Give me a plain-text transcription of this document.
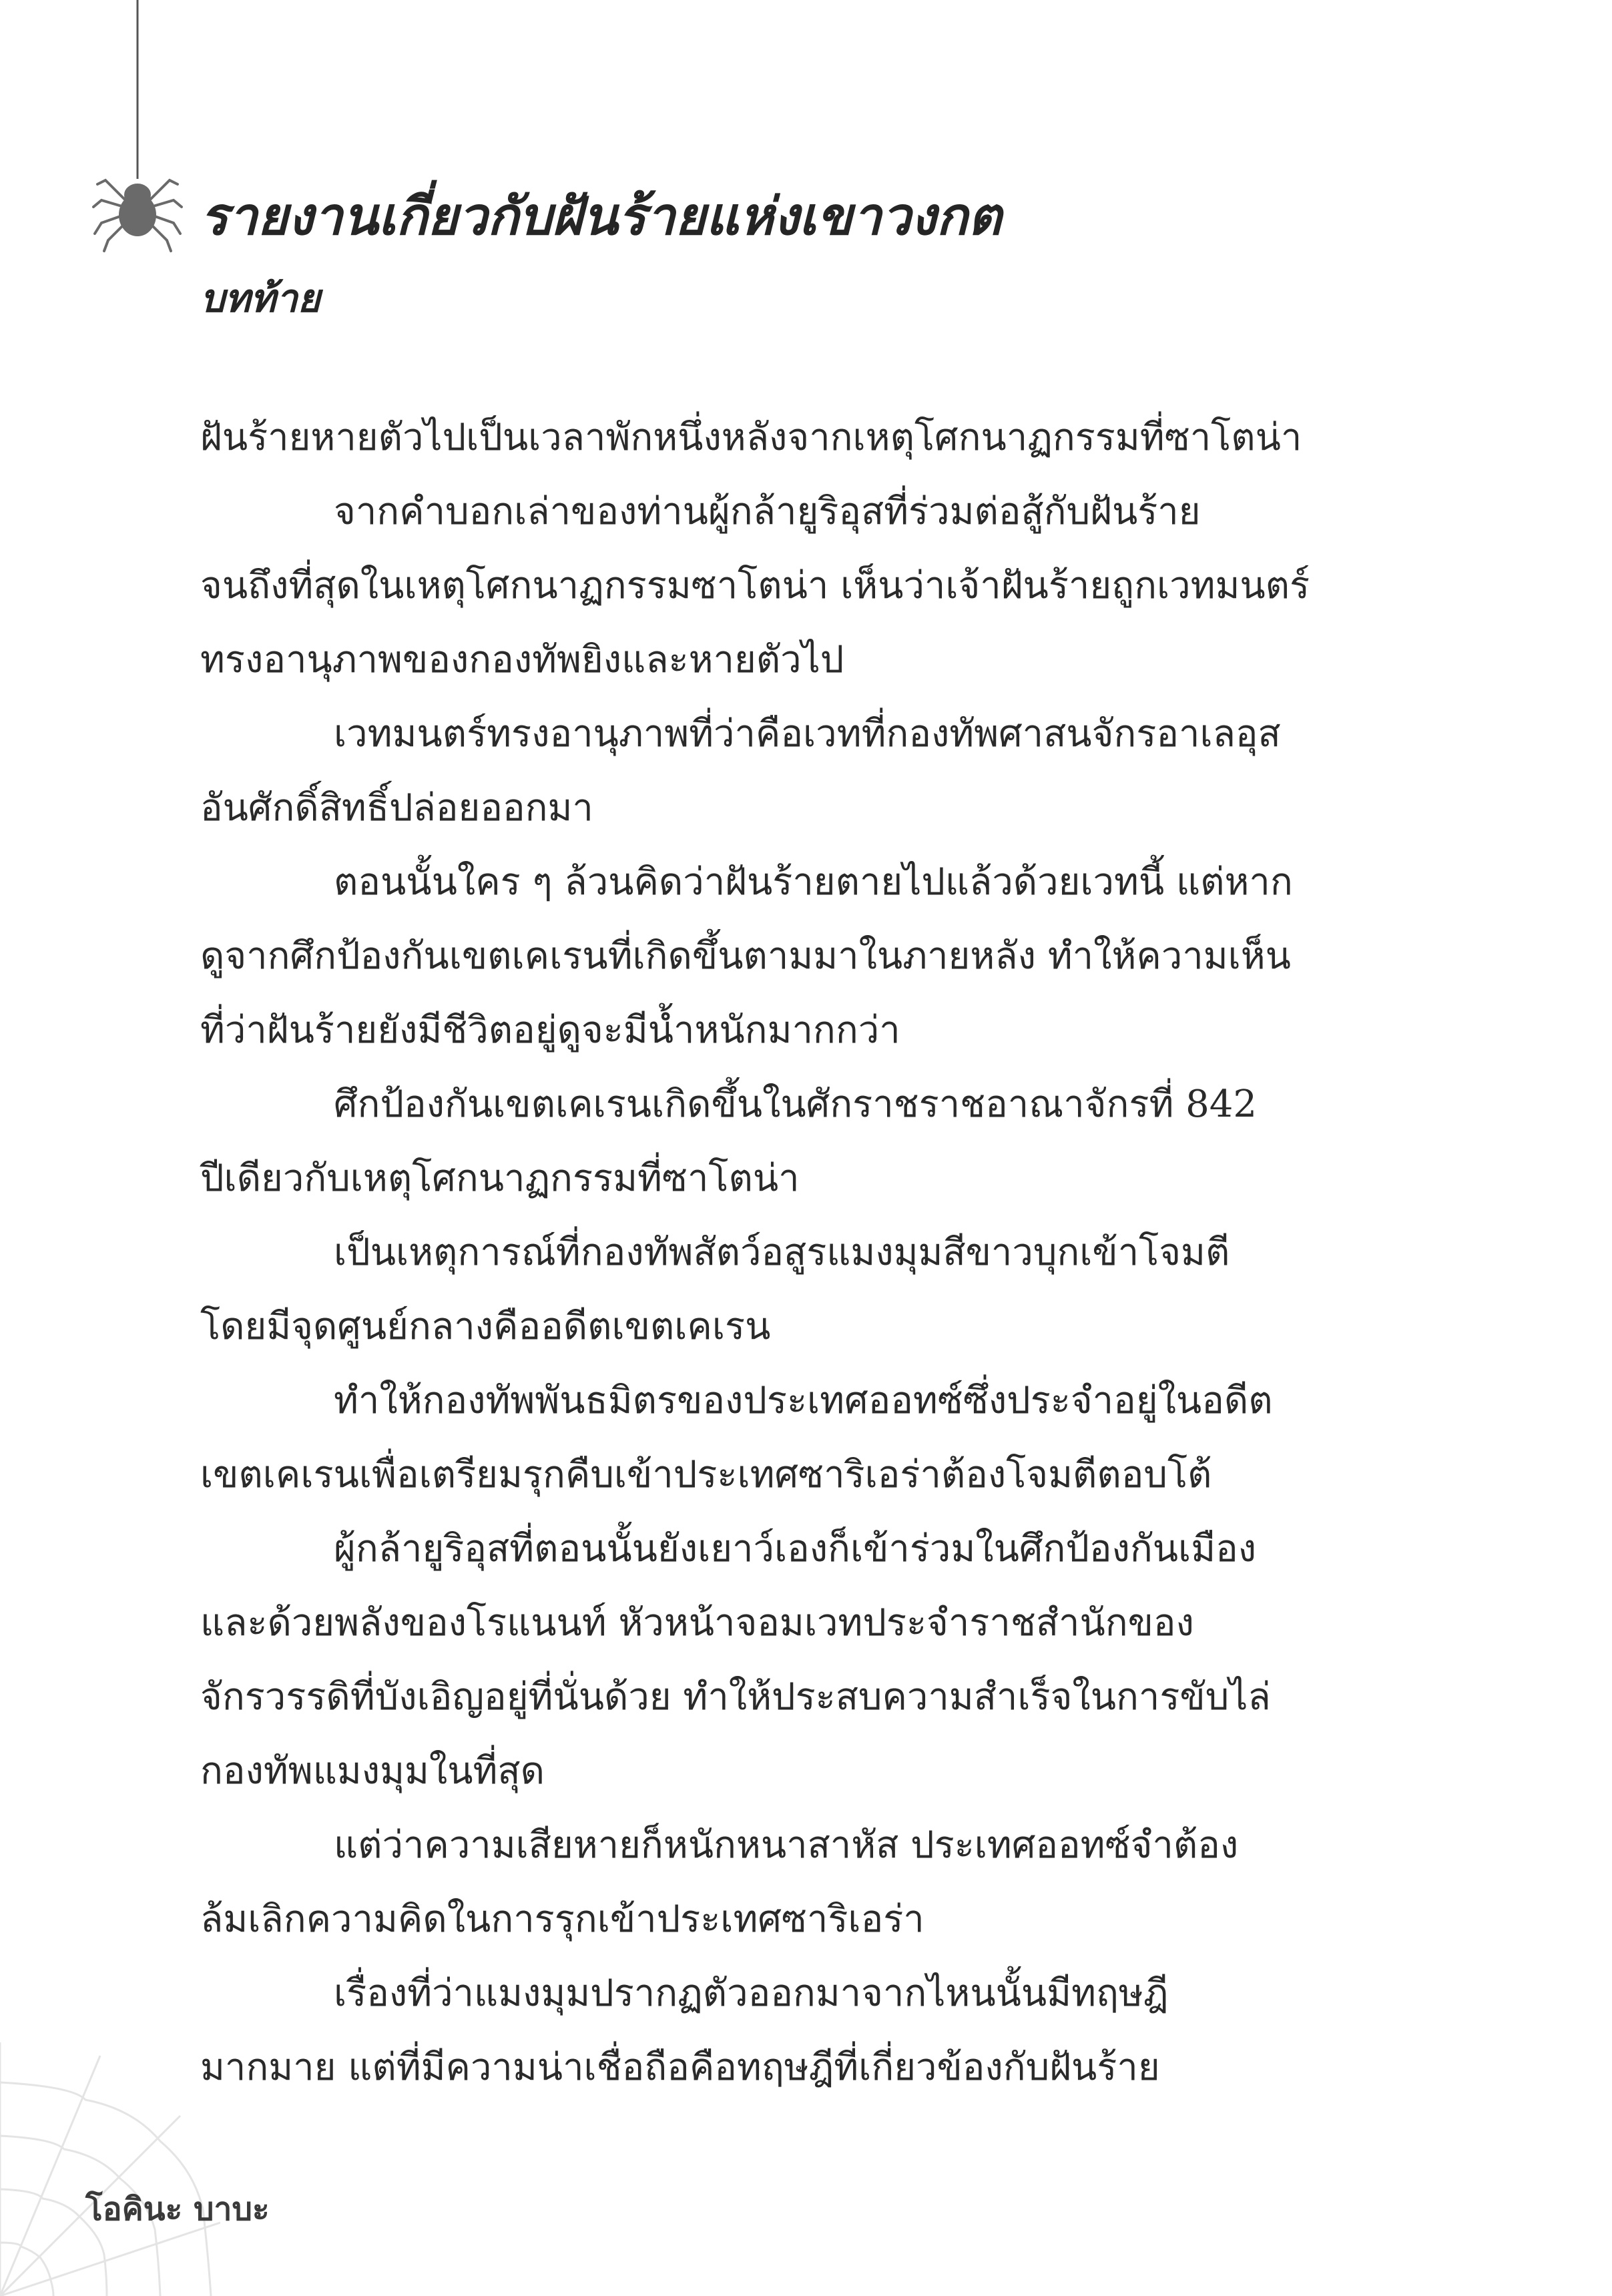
รายงานเกี่ยวกับฝันร้ายแห่งเขาวงกต
บทท้าย
ฝันร้ายหายตัวไปเป็นเวลาพักหนึ่งหลังจากเหตุโศกนาฏกรรมที่ซาโตน่า
จากคำบอกเล่าของท่านผู้กล้ายูริอุสที่ร่วมต่อสู้กับฝันร้าย
จนถึงที่สุดในเหตุโศกนาฏกรรมซาโตน่า เห็นว่าเจ้าฝันร้ายถูกเวทมนตร์
ทรงอานุภาพของกองทัพยิงและหายตัวไป
เวทมนตร์ทรงอานุภาพที่ว่าคือเวทที่กองทัพศาสนจักรอาเลอุส
อันศักดิ์สิทธิ์ปล่อยออกมา
ตอนนั้นใคร ๆ ล้วนคิดว่าฝันร้ายตายไปแล้วด้วยเวทนี้ แต่หาก
ดูจากศึกป้องกันเขตเคเรนที่เกิดขึ้นตามมาในภายหลัง ทำให้ความเห็น
ที่ว่าฝันร้ายยังมีชีวิตอยู่ดูจะมีน้ำหนักมากกว่า
ศึกป้องกันเขตเคเรนเกิดขึ้นในศักราชราชอาณาจักรที่ 842
ปีเดียวกับเหตุโศกนาฏกรรมที่ซาโตน่า
เป็นเหตุการณ์ที่กองทัพสัตว์อสูรแมงมุมสีขาวบุกเข้าโจมตี
โดยมีจุดศูนย์กลางคืออดีตเขตเคเรน
ทำให้กองทัพพันธมิตรของประเทศออทซ์ซึ่งประจำอยู่ในอดีต
เขตเคเรนเพื่อเตรียมรุกคืบเข้าประเทศซาริเอร่าต้องโจมตีตอบโต้
ผู้กล้ายูริอุสที่ตอนนั้นยังเยาว์เองก็เข้าร่วมในศึกป้องกันเมือง
และด้วยพลังของโรแนนท์ หัวหน้าจอมเวทประจำราชสำนักของ
จักรวรรดิที่บังเอิญอยู่ที่นั่นด้วย ทำให้ประสบความสำเร็จในการขับไล่
กองทัพแมงมุมในที่สุด
แต่ว่าความเสียหายก็หนักหนาสาหัส ประเทศออทซ์จำต้อง
ล้มเลิกความคิดในการรุกเข้าประเทศซาริเอร่า
เรื่องที่ว่าแมงมุมปรากฏตัวออกมาจากไหนนั้นมีทฤษฎี
มากมาย แต่ที่มีความน่าเชื่อถือคือทฤษฎีที่เกี่ยวข้องกับฝันร้าย
โอคินะ บาบะ
